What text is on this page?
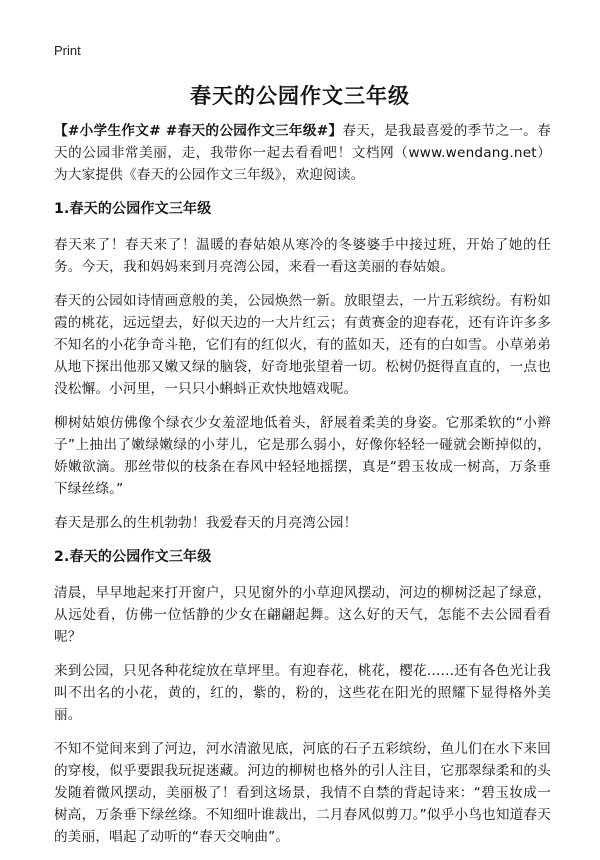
Print
春天的公园作文三年级

【#小学生作文# #春天的公园作文三年级#】春天，是我最喜爱的季节之一。春天的公园非常美丽，走，我带你一起去看看吧！文档网（www.wendang.net）为大家提供《春天的公园作文三年级》，欢迎阅读。

1.春天的公园作文三年级

春天来了！春天来了！温暖的春姑娘从寒冷的冬婆婆手中接过班，开始了她的任务。今天，我和妈妈来到月亮湾公园，来看一看这美丽的春姑娘。

春天的公园如诗情画意般的美，公园焕然一新。放眼望去，一片五彩缤纷。有粉如霞的桃花，远远望去，好似天边的一大片红云；有黄赛金的迎春花，还有许许多多不知名的小花争奇斗艳，它们有的红似火，有的蓝如天，还有的白如雪。小草弟弟从地下探出他那又嫩又绿的脑袋，好奇地张望着一切。松树仍挺得直直的，一点也没松懈。小河里，一只只小蝌蚪正欢快地嬉戏呢。

柳树姑娘仿佛像个绿衣少女羞涩地低着头，舒展着柔美的身姿。它那柔软的“小辫子”上抽出了嫩绿嫩绿的小芽儿，它是那么弱小，好像你轻轻一碰就会断掉似的，娇嫩欲滴。那丝带似的枝条在春风中轻轻地摇摆，真是“碧玉妆成一树高，万条垂下绿丝绦。”

春天是那么的生机勃勃！我爱春天的月亮湾公园！

2.春天的公园作文三年级

清晨，早早地起来打开窗户，只见窗外的小草迎风摆动，河边的柳树泛起了绿意，从远处看，仿佛一位恬静的少女在翩翩起舞。这么好的天气，怎能不去公园看看呢？

来到公园，只见各种花绽放在草坪里。有迎春花，桃花，樱花……还有各色光让我叫不出名的小花，黄的，红的，紫的，粉的，这些花在阳光的照耀下显得格外美丽。

不知不觉间来到了河边，河水清澈见底，河底的石子五彩缤纷，鱼儿们在水下来回的穿梭，似乎要跟我玩捉迷藏。河边的柳树也格外的引人注目，它那翠绿柔和的头发随着微风摆动，美丽极了！看到这场景，我情不自禁的背起诗来：“碧玉妆成一树高，万条垂下绿丝绦。不知细叶谁裁出，二月春风似剪刀。”似乎小鸟也知道春天的美丽，唱起了动听的“春天交响曲”。
